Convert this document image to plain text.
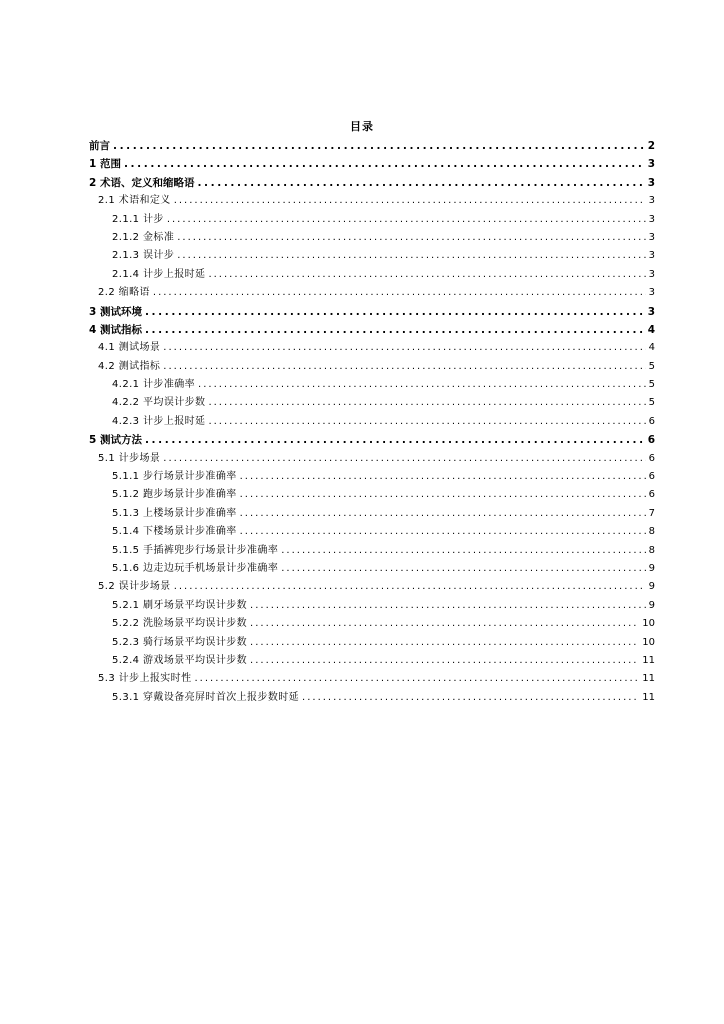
目录
前言 .....	2
1 范围 .....	3
2 术语、定义和缩略语 .....	3
2.1 术语和定义 .....	3
2.1.1 计步 .....	3
2.1.2 金标准 .....	3
2.1.3 误计步 .....	3
2.1.4 计步上报时延 .....	3
2.2 缩略语 .....	3
3 测试环境 .....	3
4 测试指标 .....	4
4.1 测试场景 .....	4
4.2 测试指标 .....	5
4.2.1 计步准确率 .....	5
4.2.2 平均误计步数 .....	5
4.2.3 计步上报时延 .....	6
5 测试方法 .....	6
5.1 计步场景 .....	6
5.1.1 步行场景计步准确率 .....	6
5.1.2 跑步场景计步准确率 .....	6
5.1.3 上楼场景计步准确率 .....	7
5.1.4 下楼场景计步准确率 .....	8
5.1.5 手插裤兜步行场景计步准确率 .....	8
5.1.6 边走边玩手机场景计步准确率 .....	9
5.2 误计步场景 .....	9
5.2.1 刷牙场景平均误计步数 .....	9
5.2.2 洗脸场景平均误计步数 .....	10
5.2.3 骑行场景平均误计步数 .....	10
5.2.4 游戏场景平均误计步数 .....	11
5.3 计步上报实时性 .....	11
5.3.1 穿戴设备亮屏时首次上报步数时延 .....	11
